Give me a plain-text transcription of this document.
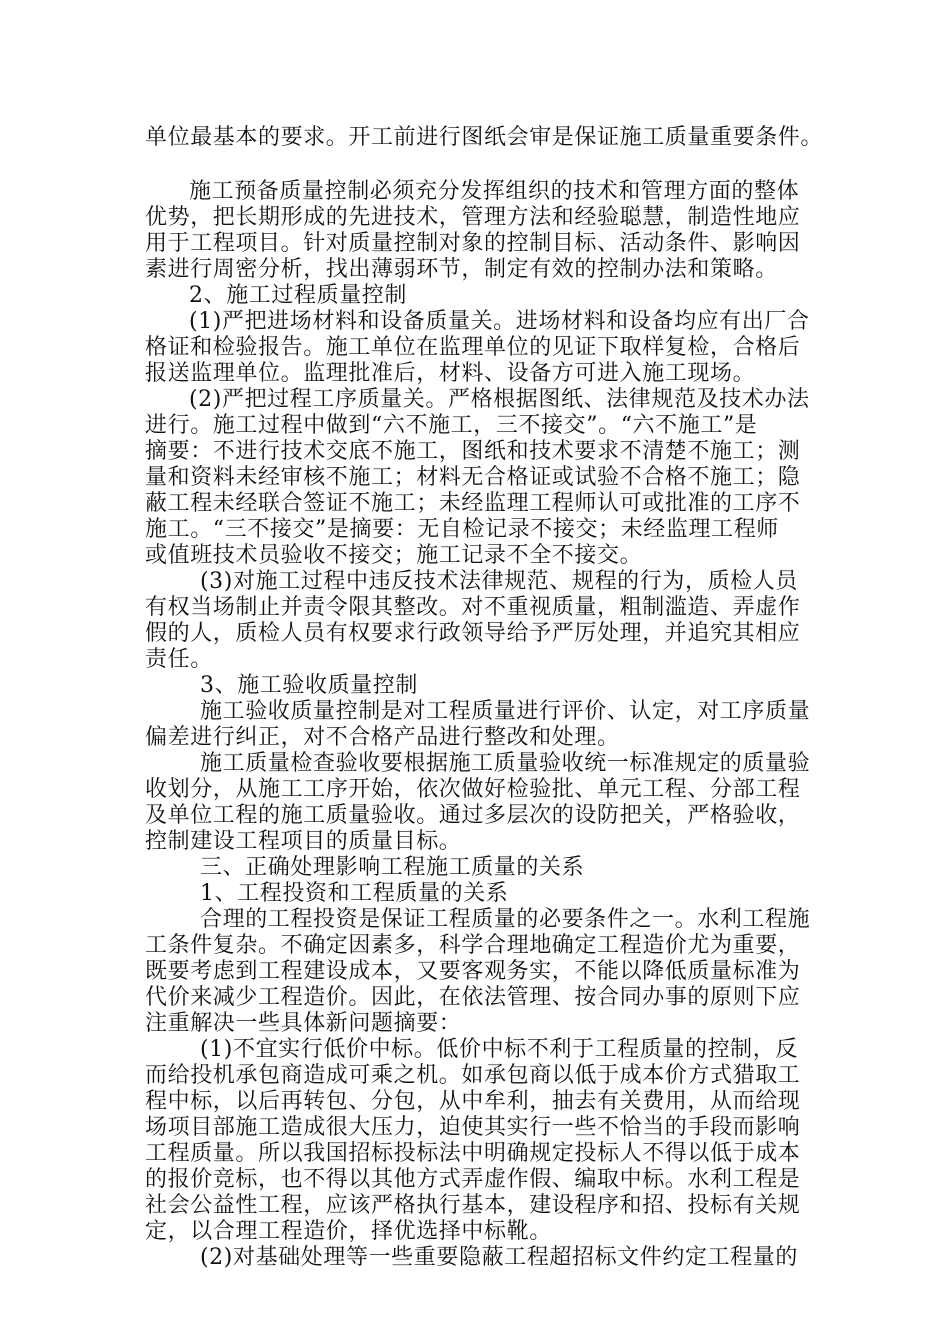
单位最基本的要求。开工前进行图纸会审是保证施工质量重要条件。
施工预备质量控制必须充分发挥组织的技术和管理方面的整体
优势，把长期形成的先进技术，管理方法和经验聪慧，制造性地应
用于工程项目。针对质量控制对象的控制目标、活动条件、影响因
素进行周密分析，找出薄弱环节，制定有效的控制办法和策略。
2、施工过程质量控制
(1)严把进场材料和设备质量关。进场材料和设备均应有出厂合
格证和检验报告。施工单位在监理单位的见证下取样复检，合格后
报送监理单位。监理批准后，材料、设备方可进入施工现场。
(2)严把过程工序质量关。严格根据图纸、法律规范及技术办法
进行。施工过程中做到“六不施工，三不接交”。“六不施工”是
摘要：不进行技术交底不施工，图纸和技术要求不清楚不施工；测
量和资料未经审核不施工；材料无合格证或试验不合格不施工；隐
蔽工程未经联合签证不施工；未经监理工程师认可或批准的工序不
施工。“三不接交”是摘要：无自检记录不接交；未经监理工程师
或值班技术员验收不接交；施工记录不全不接交。
(3)对施工过程中违反技术法律规范、规程的行为，质检人员
有权当场制止并责令限其整改。对不重视质量，粗制滥造、弄虚作
假的人，质检人员有权要求行政领导给予严厉处理，并追究其相应
责任。
3、施工验收质量控制
施工验收质量控制是对工程质量进行评价、认定，对工序质量
偏差进行纠正，对不合格产品进行整改和处理。
施工质量检查验收要根据施工质量验收统一标准规定的质量验
收划分，从施工工序开始，依次做好检验批、单元工程、分部工程
及单位工程的施工质量验收。通过多层次的设防把关，严格验收，
控制建设工程项目的质量目标。
三、正确处理影响工程施工质量的关系
1、工程投资和工程质量的关系
合理的工程投资是保证工程质量的必要条件之一。水利工程施
工条件复杂。不确定因素多，科学合理地确定工程造价尤为重要，
既要考虑到工程建设成本，又要客观务实，不能以降低质量标准为
代价来减少工程造价。因此，在依法管理、按合同办事的原则下应
注重解决一些具体新问题摘要：
(1)不宜实行低价中标。低价中标不利于工程质量的控制，反
而给投机承包商造成可乘之机。如承包商以低于成本价方式猎取工
程中标，以后再转包、分包，从中牟利，抽去有关费用，从而给现
场项目部施工造成很大压力，迫使其实行一些不恰当的手段而影响
工程质量。所以我国招标投标法中明确规定投标人不得以低于成本
的报价竞标，也不得以其他方式弄虚作假、编取中标。水利工程是
社会公益性工程，应该严格执行基本，建设程序和招、投标有关规
定，以合理工程造价，择优选择中标靴。
(2)对基础处理等一些重要隐蔽工程超招标文件约定工程量的
